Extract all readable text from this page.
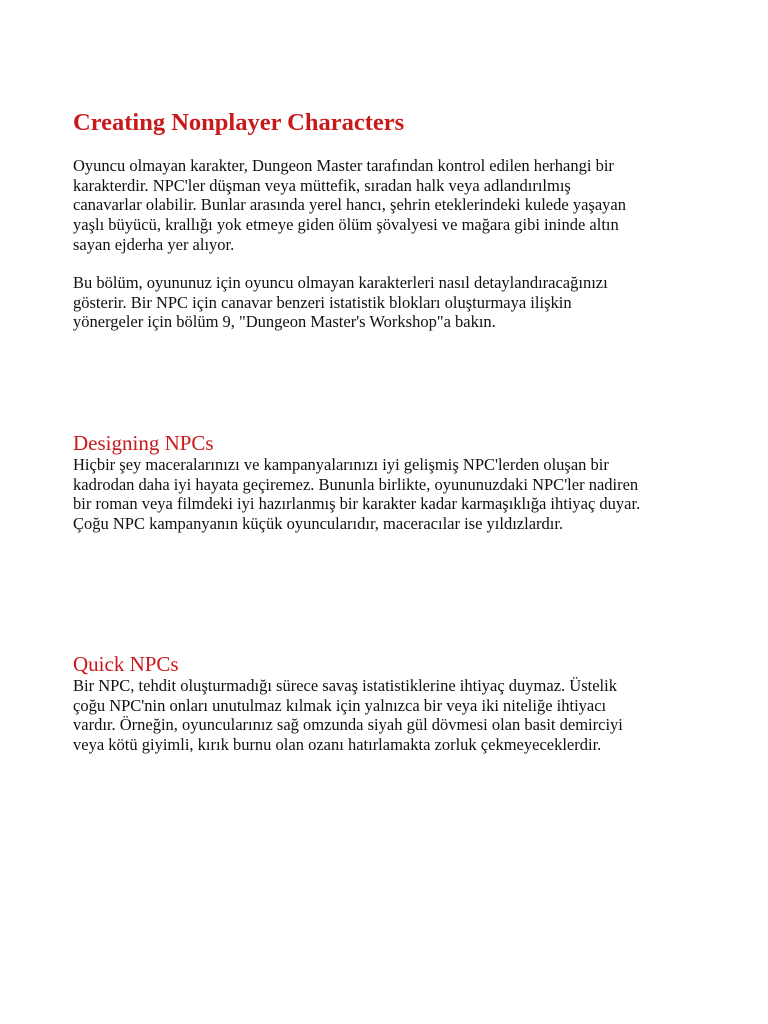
Creating Nonplayer Characters

Oyuncu olmayan karakter, Dungeon Master tarafından kontrol edilen herhangi bir
karakterdir. NPC'ler düşman veya müttefik, sıradan halk veya adlandırılmış
canavarlar olabilir. Bunlar arasında yerel hancı, şehrin eteklerindeki kulede yaşayan
yaşlı büyücü, krallığı yok etmeye giden ölüm şövalyesi ve mağara gibi ininde altın
sayan ejderha yer alıyor.

Bu bölüm, oyununuz için oyuncu olmayan karakterleri nasıl detaylandıracağınızı
gösterir. Bir NPC için canavar benzeri istatistik blokları oluşturmaya ilişkin
yönergeler için bölüm 9, "Dungeon Master's Workshop"a bakın.

Designing NPCs

Hiçbir şey maceralarınızı ve kampanyalarınızı iyi gelişmiş NPC'lerden oluşan bir
kadrodan daha iyi hayata geçiremez. Bununla birlikte, oyununuzdaki NPC'ler nadiren
bir roman veya filmdeki iyi hazırlanmış bir karakter kadar karmaşıklığa ihtiyaç duyar.
Çoğu NPC kampanyanın küçük oyuncularıdır, maceracılar ise yıldızlardır.

Quick NPCs

Bir NPC, tehdit oluşturmadığı sürece savaş istatistiklerine ihtiyaç duymaz. Üstelik
çoğu NPC'nin onları unutulmaz kılmak için yalnızca bir veya iki niteliğe ihtiyacı
vardır. Örneğin, oyuncularınız sağ omzunda siyah gül dövmesi olan basit demirciyi
veya kötü giyimli, kırık burnu olan ozanı hatırlamakta zorluk çekmeyeceklerdir.
